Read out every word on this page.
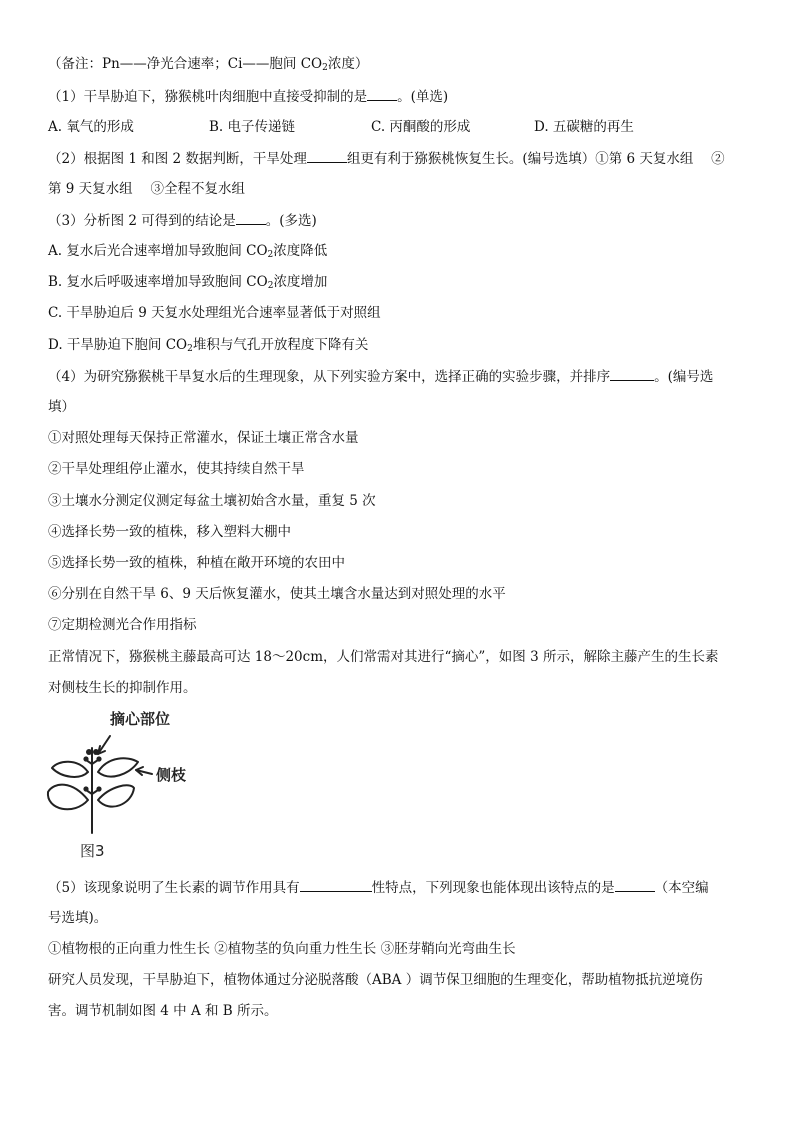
（备注：Pn——净光合速率；Ci——胞间 $CO_2$浓度）
（1）干旱胁迫下，猕猴桃叶肉细胞中直接受抑制的是 。(单选)
A. 氧气的形成	B. 电子传递链	C. 丙酮酸的形成	D. 五碳糖的再生
（2）根据图 1 和图 2 数据判断，干旱处理	组更有利于猕猴桃恢复生长。(编号选填）①第 6 天复水组　 ②
第 9 天复水组　 ③全程不复水组
（3）分析图 2 可得到的结论是 。(多选)
A. 复水后光合速率增加导致胞间 $CO_2$浓度降低
B. 复水后呼吸速率增加导致胞间 $CO_2$浓度增加
C. 干旱胁迫后 9 天复水处理组光合速率显著低于对照组
D. 干旱胁迫下胞间 $CO_2$堆积与气孔开放程度下降有关
（4）为研究猕猴桃干旱复水后的生理现象，从下列实验方案中，选择正确的实验步骤，并排序	。(编号选
填）
①对照处理每天保持正常灌水，保证土壤正常含水量
②干旱处理组停止灌水，使其持续自然干旱
③土壤水分测定仪测定每盆土壤初始含水量，重复 5 次
④选择长势一致的植株，移入塑料大棚中
⑤选择长势一致的植株，种植在敞开环境的农田中
⑥分别在自然干旱 6、9 天后恢复灌水，使其土壤含水量达到对照处理的水平
⑦定期检测光合作用指标
正常情况下，猕猴桃主藤最高可达 18～20cm，人们常需对其进行“摘心”，如图 3 所示，解除主藤产生的生长素
对侧枝生长的抑制作用。
摘心部位
侧枝
图3
（5）该现象说明了生长素的调节作用具有	性特点，下列现象也能体现出该特点的是	（本空编
号选填)。
①植物根的正向重力性生长 ②植物茎的负向重力性生长 ③胚芽鞘向光弯曲生长
研究人员发现，干旱胁迫下，植物体通过分泌脱落酸（ABA ）调节保卫细胞的生理变化，帮助植物抵抗逆境伤
害。调节机制如图 4 中 A 和 B 所示。
